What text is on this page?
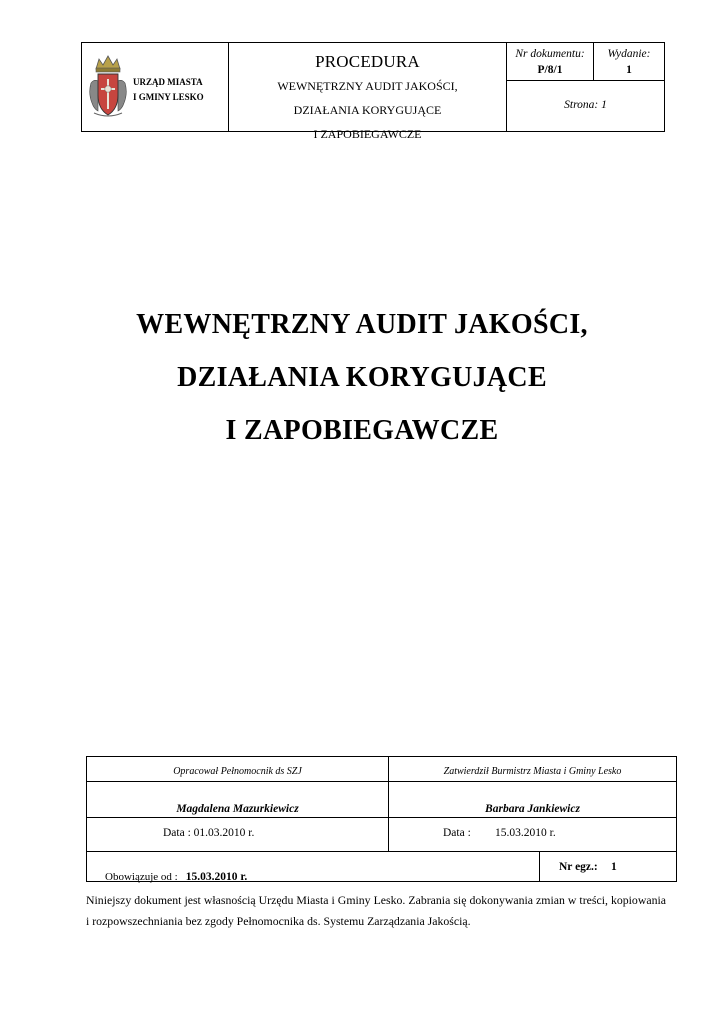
URZĄD MIASTA
I GMINY LESKO
PROCEDURA
WEWNĘTRZNY AUDIT JAKOŚCI,
DZIAŁANIA KORYGUJĄCE
I ZAPOBIEGAWCZE
Nr dokumentu:
P/8/1
Wydanie:
1
Strona: 1
WEWNĘTRZNY AUDIT JAKOŚCI,
DZIAŁANIA KORYGUJĄCE
I ZAPOBIEGAWCZE
Opracował Pełnomocnik ds SZJ	Zatwierdził Burmistrz Miasta i Gminy Lesko
Magdalena Mazurkiewicz	Barbara Jankiewicz
Data : 01.03.2010 r.	Data : 15.03.2010 r.
Obowiązuje od : 15.03.2010 r.
Nr egz.: 1
Niniejszy dokument jest własnością Urzędu Miasta i Gminy Lesko. Zabrania się dokonywania zmian w treści, kopiowania i rozpowszechniania bez zgody Pełnomocnika ds. Systemu Zarządzania Jakością.
